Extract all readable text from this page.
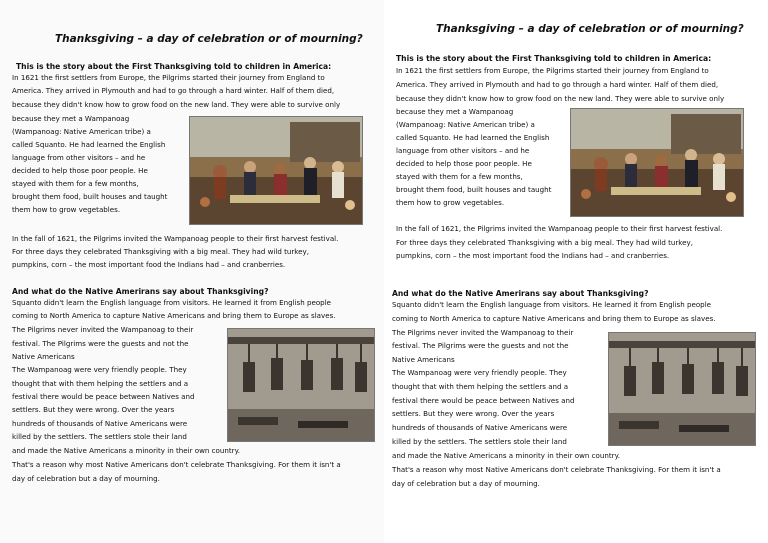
Thanksgiving – a day of celebration or of mourning?
This is the story about the First Thanksgiving told to children in America:
In 1621 the first settlers from Europe, the Pilgrims started their journey from England to
America. They arrived in Plymouth and had to go through a hard winter. Half of them died,
because they didn't know how to grow food on the new land. They were able to survive only
because they met a Wampanoag
(Wampanoag: Native American tribe) a
called Squanto. He had learned the English
language from other visitors – and he
decided to help those poor people. He
stayed with them for a few months,
brought them food, built houses and taught
them how to grow vegetables.
In the fall of 1621, the Pilgrims invited the Wampanoag people to their first harvest festival.
For three days they celebrated Thanksgiving with a big meal. They had wild turkey,
pumpkins, corn – the most important food the Indians had – and cranberries.
And what do the Native Amerirans say about Thanksgiving?
Squanto didn't learn the English language from visitors. He learned it from English people
coming to North America to capture Native Americans and bring them to Europe as slaves.
The Pilgrims never invited the Wampanoag to their
festival. The Pilgrims were the guests and not the
Native Americans
The Wampanoag were very friendly people. They
thought that with them helping the settlers and a
festival there would be peace between Natives and
settlers. But they were wrong. Over the years
hundreds of thousands of Native Americans were
killed by the settlers. The settlers stole their land
and made the Native Americans a minority in their own country.
That's a reason why most Native Americans don't celebrate Thanksgiving. For them it isn't a
day of celebration but a day of mourning.
Thanksgiving – a day of celebration or of mourning?
This is the story about the First Thanksgiving told to children in America:
In 1621 the first settlers from Europe, the Pilgrims started their journey from England to
America. They arrived in Plymouth and had to go through a hard winter. Half of them died,
because they didn't know how to grow food on the new land. They were able to survive only
because they met a Wampanoag
(Wampanoag: Native American tribe) a
called Squanto. He had learned the English
language from other visitors – and he
decided to help those poor people. He
stayed with them for a few months,
brought them food, built houses and taught
them how to grow vegetables.
In the fall of 1621, the Pilgrims invited the Wampanoag people to their first harvest festival.
For three days they celebrated Thanksgiving with a big meal. They had wild turkey,
pumpkins, corn – the most important food the Indians had – and cranberries.
And what do the Native Amerirans say about Thanksgiving?
Squanto didn't learn the English language from visitors. He learned it from English people
coming to North America to capture Native Americans and bring them to Europe as slaves.
The Pilgrims never invited the Wampanoag to their
festival. The Pilgrims were the guests and not the
Native Americans
The Wampanoag were very friendly people. They
thought that with them helping the settlers and a
festival there would be peace between Natives and
settlers. But they were wrong. Over the years
hundreds of thousands of Native Americans were
killed by the settlers. The settlers stole their land
and made the Native Americans a minority in their own country.
That's a reason why most Native Americans don't celebrate Thanksgiving. For them it isn't a
day of celebration but a day of mourning.
